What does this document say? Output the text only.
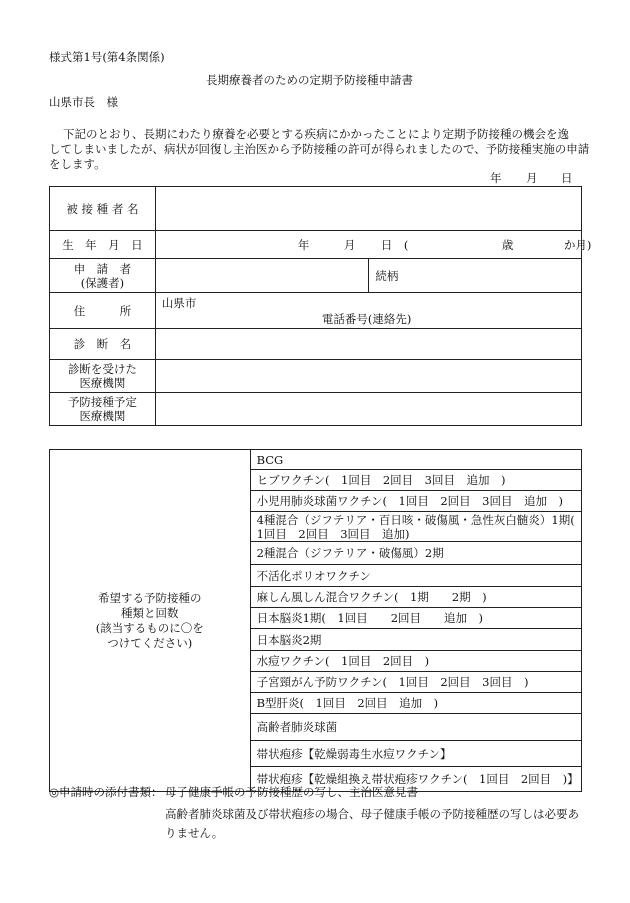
様式第1号(第4条関係)
長期療養者のための定期予防接種申請書
山県市長　様
下記のとおり、長期にわたり療養を必要とする疾病にかかったことにより定期予防接種の機会を逸
してしまいましたが、病状が回復し主治医から予防接種の許可が得られましたので、予防接種実施の申請
をします。
年 月 日
被 接 種 者 名		
生　年　月　日	年 月 日　( 歳 か月)	

申　請　者
(保護者)		続柄

住　　　所	山県市
電話番号(連絡先)	

診　断　名		

診断を受けた
医療機関		

予防接種予定
医療機関		

希望する予防接種の
種類と回数
(該当するものに〇を
つけてください)
	BCG
ヒブワクチン(　1回目　2回目　3回目　追加　)
小児用肺炎球菌ワクチン(　1回目　2回目　3回目　追加　)

4種混合（ジフテリア・百日咳・破傷風・急性灰白髄炎）1期(
1回目　2回目　3回目　追加)

2種混合（ジフテリア・破傷風）2期
不活化ポリオワクチン
麻しん風しん混合ワクチン(　1期　　2期　)
日本脳炎1期(　1回目　　2回目　　追加　)
日本脳炎2期
水痘ワクチン(　1回目　2回目　)
子宮頸がん予防ワクチン(　1回目　2回目　3回目　)
B型肝炎(　1回目　2回目　追加　)
高齢者肺炎球菌
帯状疱疹【乾燥弱毒生水痘ワクチン】
帯状疱疹【乾燥組換え帯状疱疹ワクチン(　1回目　2回目　)】
◎申請時の添付書類： 母子健康手帳の予防接種歴の写し、主治医意見書
高齢者肺炎球菌及び帯状疱疹の場合、母子健康手帳の予防接種歴の写しは必要あ
りません。
